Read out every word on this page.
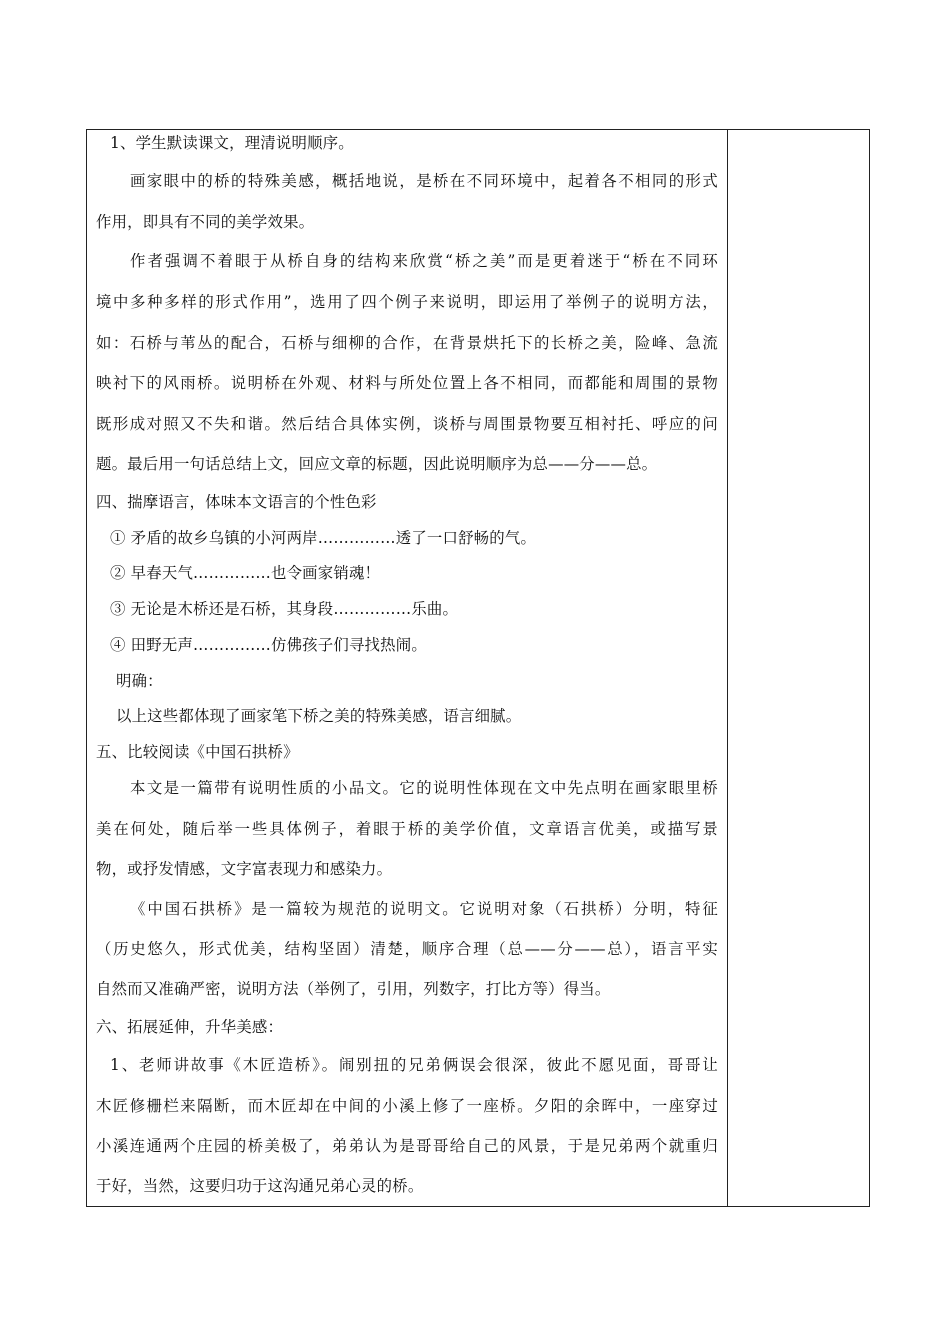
1、学生默读课文，理清说明顺序。
画家眼中的桥的特殊美感，概括地说，是桥在不同环境中，起着各不相同的形式
作用，即具有不同的美学效果。
作者强调不着眼于从桥自身的结构来欣赏“桥之美”而是更着迷于“桥在不同环
境中多种多样的形式作用”，选用了四个例子来说明，即运用了举例子的说明方法，
如：石桥与苇丛的配合，石桥与细柳的合作，在背景烘托下的长桥之美，险峰、急流
映衬下的风雨桥。说明桥在外观、材料与所处位置上各不相同，而都能和周围的景物
既形成对照又不失和谐。然后结合具体实例，谈桥与周围景物要互相衬托、呼应的问
题。最后用一句话总结上文，回应文章的标题，因此说明顺序为总——分——总。
四、揣摩语言，体味本文语言的个性色彩
① 矛盾的故乡乌镇的小河两岸……………透了一口舒畅的气。
② 早春天气……………也令画家销魂！
③ 无论是木桥还是石桥，其身段……………乐曲。
④ 田野无声……………仿佛孩子们寻找热闹。
明确：
以上这些都体现了画家笔下桥之美的特殊美感，语言细腻。
五、比较阅读《中国石拱桥》
本文是一篇带有说明性质的小品文。它的说明性体现在文中先点明在画家眼里桥
美在何处，随后举一些具体例子，着眼于桥的美学价值，文章语言优美，或描写景
物，或抒发情感，文字富表现力和感染力。
《中国石拱桥》是一篇较为规范的说明文。它说明对象（石拱桥）分明，特征
（历史悠久，形式优美，结构坚固）清楚，顺序合理（总——分——总），语言平实
自然而又准确严密，说明方法（举例了，引用，列数字，打比方等）得当。
六、拓展延伸，升华美感：
1、老师讲故事《木匠造桥》。闹别扭的兄弟俩误会很深，彼此不愿见面，哥哥让
木匠修栅栏来隔断，而木匠却在中间的小溪上修了一座桥。夕阳的余晖中，一座穿过
小溪连通两个庄园的桥美极了，弟弟认为是哥哥给自己的风景，于是兄弟两个就重归
于好，当然，这要归功于这沟通兄弟心灵的桥。
